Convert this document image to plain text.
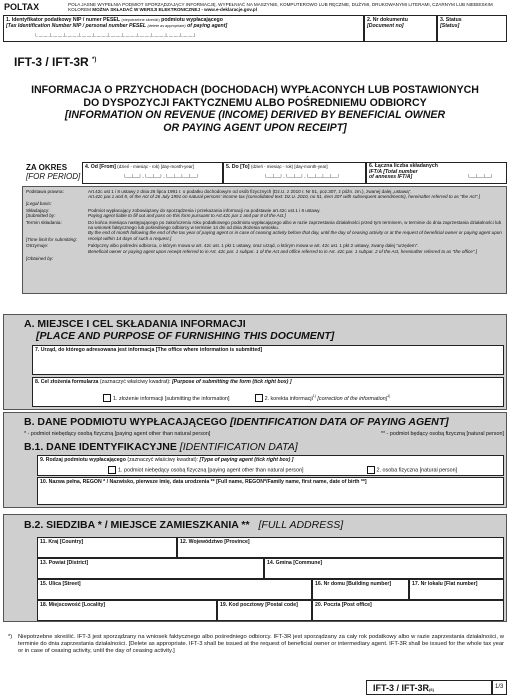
POLTAX	POLA JASNE WYPEŁNIA PODMIOT SPORZĄDZAJĄCY INFORMACJĘ. WYPEŁNIAĆ NA MASZYNIE, KOMPUTEROWO LUB RĘCZNIE, DUŻYMI, DRUKOWANYMI LITERAMI, CZARNYM LUB NIEBIESKIM KOLOREM MOŻNA SKŁADAĆ W WERSJI ELEKTRONICZNEJ - www.e-deklaracje.gov.pl
1. Identyfikator podatkowy NIP / numer PESEL (niepotrzebne skreślić) podmiotu wypłacającego
[Tax Identification Number NIP / personal number PESEL (delete as appropriate) of paying agent]
└──┴──┴──┴──┴──┴──┴──┴──┴──┴──┴──┘
2. Nr dokumentu
[Document no]
3. Status
[Status]
IFT-3 / IFT-3R *)
INFORMACJA O PRZYCHODACH (DOCHODACH) WYPŁACONYCH LUB POSTAWIONYCH
DO DYSPOZYCJI FAKTYCZNEMU ALBO POŚREDNIEMU ODBIORCY
[INFORMATION ON REVENUE (INCOME) DERIVED BY BENEFICIAL OWNER
OR PAYING AGENT UPON RECEIPT]
ZA OKRES
[FOR PERIOD]
4. Od [From] (dzień - miesiąc - rok) [day-month-year]
└─┴─┘-└─┴─┘-└─┴─┴─┴─┘
5. Do [To] (dzień - miesiąc - rok) [day-month-year]
└─┴─┘-└─┴─┘-└─┴─┴─┴─┘
6. Łączna liczba składanych
IFT/A [Total number
of annexes IFT/A]	└─┴─┴─┘
Podstawa prawna:
[Legal basis:
Art.42c ust 1 i 8 ustawy z dnia 26 lipca 1991 r. o podatku dochodowym od osób fizycznych (Dz.U. z 2010 r. Nr 51, poz.307, z późn. zm.), zwanej dalej „ustawą”.
Art.42c par.1 and 8, of the Act of 26 July 1991 on natural persons' income tax (consolidated text: Dz.U. 2010, no 51, item 307 with subsequent amendments), hereinafter referred to as "the Act".]
Składający:
[Submitted by:
Podmiot wypłacający zobowiązany do sporządzenia i przekazania informacji na podstawie art.42c ust.1 i 8 ustawy.
Paying agent liable to fill out and pass on this form pursuant to Art.42c par 1 and par 8 of the Act.]
Termin składania:
[Time limit for submitting:
Do końca miesiąca następującego po zakończeniu roku podatkowego podmiotu wypłacającego albo w razie zaprzestania działalności przed tym terminem, w terminie do dnia zaprzestania działalności lub na wniosek faktycznego lub pośredniego odbiorcy w terminie 14 dni od dnia złożenia wniosku.
By the end of month following the end of the tax year of paying agent or in case of ceasing activity before that day, until the day of ceasing activity or at the request of beneficial owner or paying agent upon receipt within 14 days of such a request.]
Otrzymuje:
[Obtained by:
Faktyczny albo pośredni odbiorca, o którym mowa w art. 42c ust. 1 pkt 1 ustawy, oraz urząd, o którym mowa w art. 42c ust. 1 pkt 2 ustawy, zwany dalej "urzędem".
Beneficial owner or paying agent upon receipt referred to in Art. 42c par. 1 subpar. 1 of the Act and office referred to in Art. 42c par. 1 subpar. 2 of the Act, hereinafter referred to as "the office".]
A. MIEJSCE I CEL SKŁADANIA INFORMACJI
[PLACE AND PURPOSE OF FURNISHING THIS DOCUMENT]
7. Urząd, do którego adresowana jest informacja [The office where information is submitted]
8. Cel złożenia formularza (zaznaczyć właściwy kwadrat): [Purpose of submitting the form (tick right box) ]
1. złożenie informacji [submitting the information]	2. korekta informacji$^{1)}$ [correction of the information]$^{1)}$
B. DANE PODMIOTU WYPŁACAJĄCEGO [IDENTIFICATION DATA OF PAYING AGENT]
* - podmiot niebędący osobą fizyczną [paying agent other than natural person]	** - podmiot będący osobą fizyczną [natural person]
B.1. DANE IDENTYFIKACYJNE [IDENTIFICATION DATA]
9. Rodzaj podmiotu wypłacającego (zaznaczyć właściwy kwadrat): [Type of paying agent (tick right box) ]
1. podmiot niebędący osobą fizyczną [paying agent other than natural person]	2. osoba fizyczna [natural person]
10. Nazwa pełna, REGON * / Nazwisko, pierwsze imię, data urodzenia ** [Full name, REGON*/Family name, first name, date of birth **]
B.2. SIEDZIBA * / MIEJSCE ZAMIESZKANIA ** [FULL ADDRESS]
11. Kraj [Country]	12. Województwo [Province]
13. Powiat [District]	14. Gmina [Commune]
15. Ulica [Street]	16. Nr domu [Building number]	17. Nr lokalu [Flat number]
18. Miejscowość [Locality]	19. Kod pocztowy [Postal code]	20. Poczta [Post office]
*)	Niepotrzebne skreślić. IFT-3 jest sporządzany na wniosek faktycznego albo pośredniego odbiorcy. IFT-3R jest sporządzany za cały rok podatkowy albo w razie zaprzestania działalności, w terminie do dnia zaprzestania działalności. [Delete as appropriate. IFT-3 shall be issued at the request of beneficial owner or intermediary agent. IFT-3R shall be issued for the whole tax year or in case of ceasing activity, until the day of ceasing activity.]
IFT-3 / IFT-3R(6)	1/3
